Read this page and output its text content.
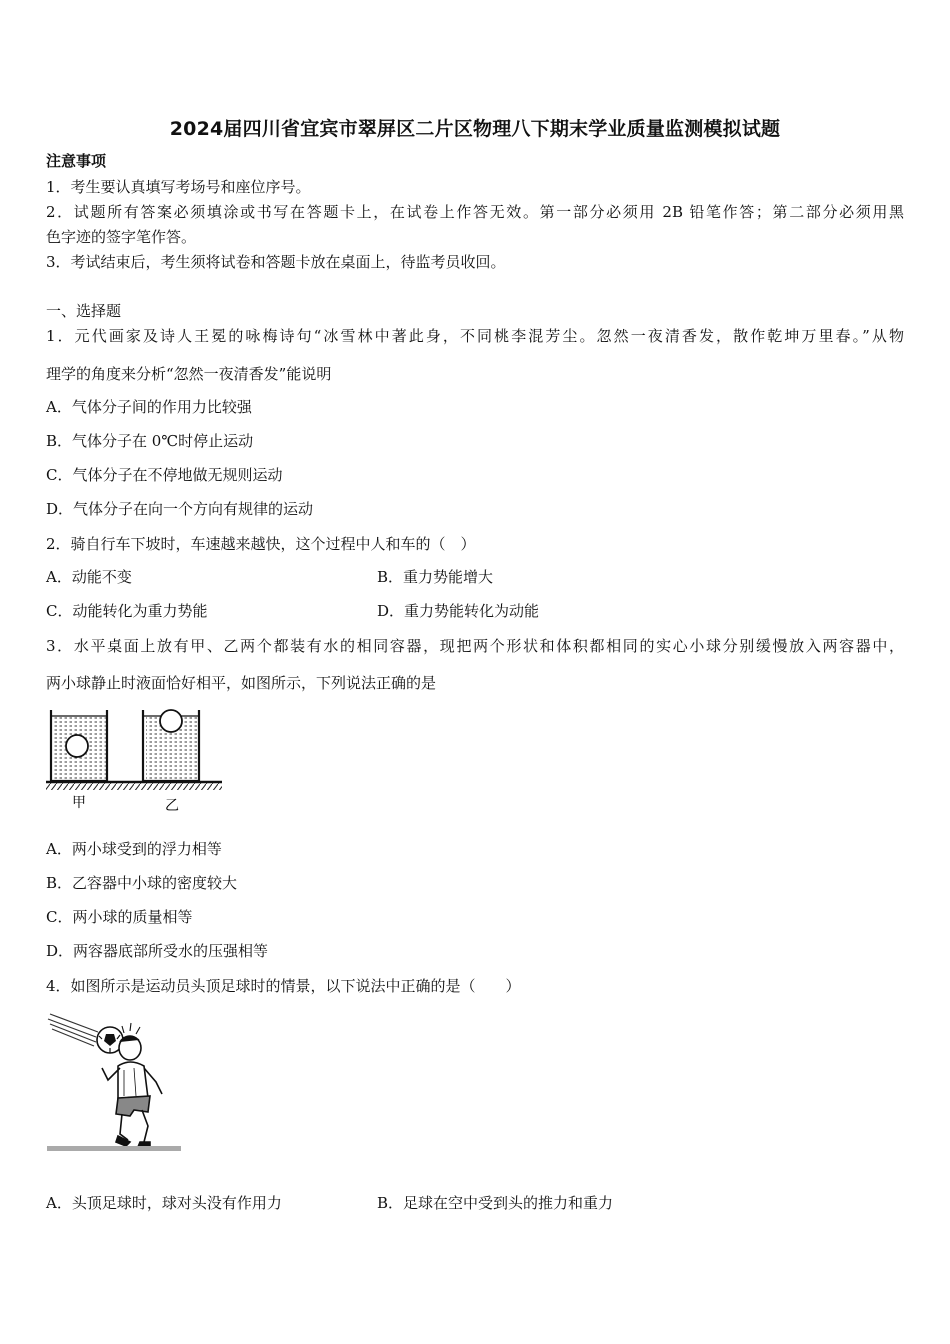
2024届四川省宜宾市翠屏区二片区物理八下期末学业质量监测模拟试题
注意事项
1．考生要认真填写考场号和座位序号。
2．试题所有答案必须填涂或书写在答题卡上，在试卷上作答无效。第一部分必须用 2B 铅笔作答；第二部分必须用黑
色字迹的签字笔作答。
3．考试结束后，考生须将试卷和答题卡放在桌面上，待监考员收回。
一、选择题
1．元代画家及诗人王冕的咏梅诗句“冰雪林中著此身，不同桃李混芳尘。忽然一夜清香发，散作乾坤万里春。”从物
理学的角度来分析“忽然一夜清香发”能说明
A．气体分子间的作用力比较强
B．气体分子在 0℃时停止运动
C．气体分子在不停地做无规则运动
D．气体分子在向一个方向有规律的运动
2．骑自行车下坡时，车速越来越快，这个过程中人和车的（　）
A．动能不变	B．重力势能增大
C．动能转化为重力势能	D．重力势能转化为动能
3．水平桌面上放有甲、乙两个都装有水的相同容器，现把两个形状和体积都相同的实心小球分别缓慢放入两容器中，
两小球静止时液面恰好相平，如图所示，下列说法正确的是
甲	乙
A．两小球受到的浮力相等
B．乙容器中小球的密度较大
C．两小球的质量相等
D．两容器底部所受水的压强相等
4．如图所示是运动员头顶足球时的情景，以下说法中正确的是（　　）
A．头顶足球时，球对头没有作用力	B．足球在空中受到头的推力和重力
